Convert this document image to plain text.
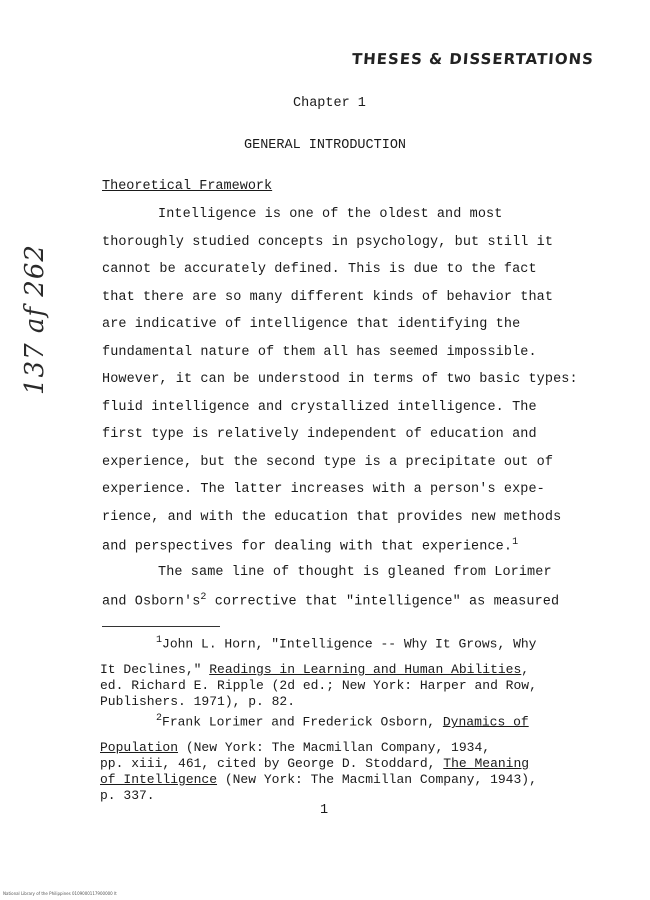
THESES & DISSERTATIONS
Chapter 1
GENERAL INTRODUCTION
Theoretical Framework
Intelligence is one of the oldest and most
thoroughly studied concepts in psychology, but still it
cannot be accurately defined. This is due to the fact
that there are so many different kinds of behavior that
are indicative of intelligence that identifying the
fundamental nature of them all has seemed impossible.
However, it can be understood in terms of two basic types:
fluid intelligence and crystallized intelligence. The
first type is relatively independent of education and
experience, but the second type is a precipitate out of
experience. The latter increases with a person's expe-
rience, and with the education that provides new methods
and perspectives for dealing with that experience.$^1$
The same line of thought is gleaned from Lorimer
and $Osborn's^2$ corrective that "intelligence" as measured
$^1$John L. Horn, "Intelligence -- Why It Grows, Why
It Declines," Readings in Learning and Human Abilities,
ed. Richard E. Ripple (2d ed.; New York: Harper and Row,
Publishers. 1971), p. 82.
$^2$Frank Lorimer and Frederick Osborn, Dynamics of
Population (New York: The Macmillan Company, 1934,
pp. xiii, 461, cited by George D. Stoddard, The Meaning
of Intelligence (New York: The Macmillan Company, 1943),
p. 337.
1
137 af 262
National Library of the Philippines 0109000117900000 lt
